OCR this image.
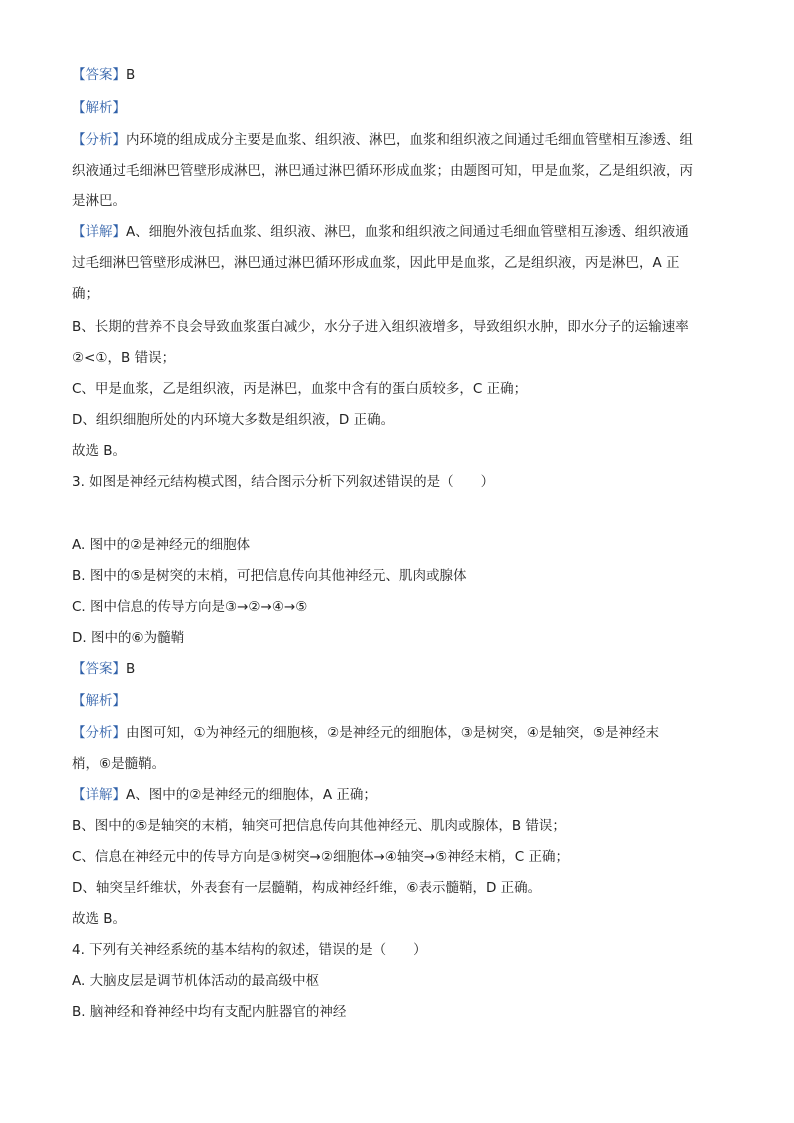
【答案】B
【解析】
【分析】内环境的组成成分主要是血浆、组织液、淋巴，血浆和组织液之间通过毛细血管壁相互渗透、组
织液通过毛细淋巴管壁形成淋巴，淋巴通过淋巴循环形成血浆；由题图可知，甲是血浆，乙是组织液，丙
是淋巴。
【详解】A、细胞外液包括血浆、组织液、淋巴，血浆和组织液之间通过毛细血管壁相互渗透、组织液通
过毛细淋巴管壁形成淋巴，淋巴通过淋巴循环形成血浆，因此甲是血浆，乙是组织液，丙是淋巴，A 正
确；
B、长期的营养不良会导致血浆蛋白减少，水分子进入组织液增多，导致组织水肿，即水分子的运输速率
②<①，B 错误；
C、甲是血浆，乙是组织液，丙是淋巴，血浆中含有的蛋白质较多，C 正确；
D、组织细胞所处的内环境大多数是组织液，D 正确。
故选 B。
3. 如图是神经元结构模式图，结合图示分析下列叙述错误的是（　　）
A. 图中的②是神经元的细胞体
B. 图中的⑤是树突的末梢，可把信息传向其他神经元、肌肉或腺体
C. 图中信息的传导方向是③→②→④→⑤
D. 图中的⑥为髓鞘
【答案】B
【解析】
【分析】由图可知，①为神经元的细胞核，②是神经元的细胞体，③是树突，④是轴突，⑤是神经末
梢，⑥是髓鞘。
【详解】A、图中的②是神经元的细胞体，A 正确；
B、图中的⑤是轴突的末梢，轴突可把信息传向其他神经元、肌肉或腺体，B 错误；
C、信息在神经元中的传导方向是③树突→②细胞体→④轴突→⑤神经末梢，C 正确；
D、轴突呈纤维状，外表套有一层髓鞘，构成神经纤维，⑥表示髓鞘，D 正确。
故选 B。
4. 下列有关神经系统的基本结构的叙述，错误的是（　　）
A. 大脑皮层是调节机体活动的最高级中枢
B. 脑神经和脊神经中均有支配内脏器官的神经
